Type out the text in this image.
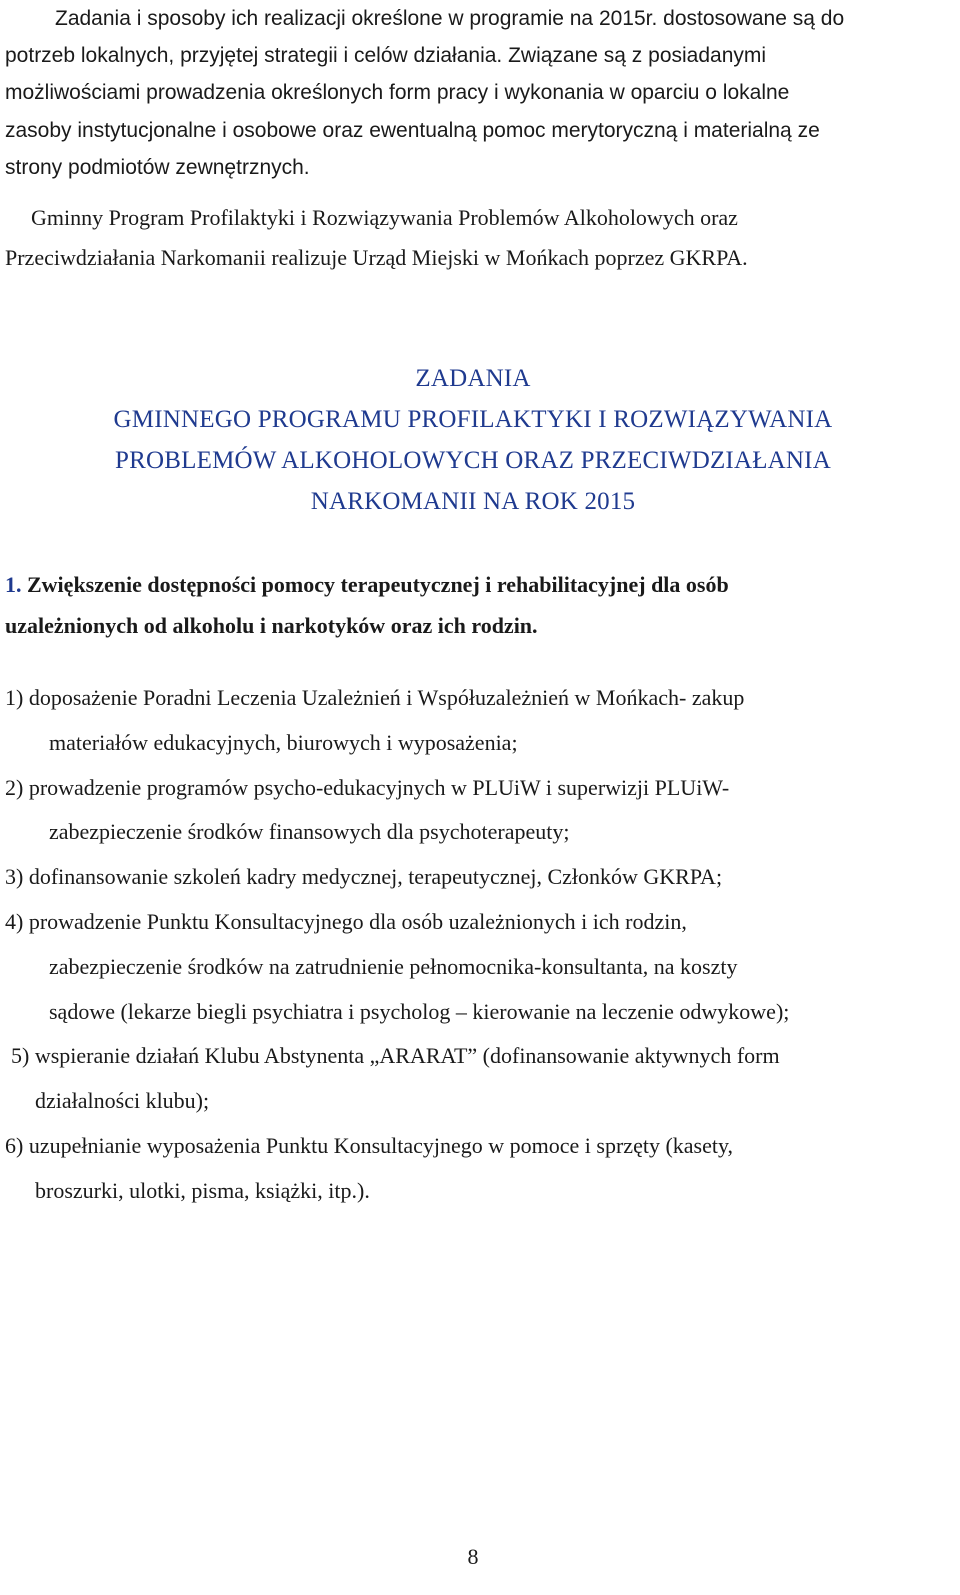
Zadania i sposoby ich realizacji określone w programie na 2015r. dostosowane są do

potrzeb lokalnych, przyjętej strategii i celów działania. Związane są z posiadanymi

możliwościami prowadzenia określonych form pracy i wykonania w oparciu o lokalne

zasoby instytucjonalne i osobowe oraz ewentualną pomoc merytoryczną i materialną ze

strony podmiotów zewnętrznych.

Gminny Program Profilaktyki i Rozwiązywania Problemów Alkoholowych oraz
Przeciwdziałania Narkomanii realizuje Urząd Miejski w Mońkach poprzez GKRPA.
ZADANIA
GMINNEGO PROGRAMU PROFILAKTYKI I ROZWIĄZYWANIA
PROBLEMÓW ALKOHOLOWYCH ORAZ PRZECIWDZIAŁANIA
NARKOMANII NA ROK 2015
1. Zwiększenie dostępności pomocy terapeutycznej i rehabilitacyjnej dla osób
uzależnionych od alkoholu i narkotyków oraz ich rodzin.
1) doposażenie Poradni Leczenia Uzależnień i Współuzależnień w Mońkach- zakup
materiałów edukacyjnych, biurowych i wyposażenia;
2) prowadzenie programów psycho-edukacyjnych w PLUiW i superwizji PLUiW-
zabezpieczenie środków finansowych dla psychoterapeuty;
3) dofinansowanie szkoleń kadry medycznej, terapeutycznej, Członków GKRPA;
4) prowadzenie Punktu Konsultacyjnego dla osób uzależnionych i ich rodzin,
zabezpieczenie środków na zatrudnienie pełnomocnika-konsultanta, na koszty
sądowe (lekarze biegli psychiatra i psycholog – kierowanie na leczenie odwykowe);
5) wspieranie działań Klubu Abstynenta „ARARAT” (dofinansowanie aktywnych form
działalności klubu);
6) uzupełnianie wyposażenia Punktu Konsultacyjnego w pomoce i sprzęty (kasety,
broszurki, ulotki, pisma, książki, itp.).
8
